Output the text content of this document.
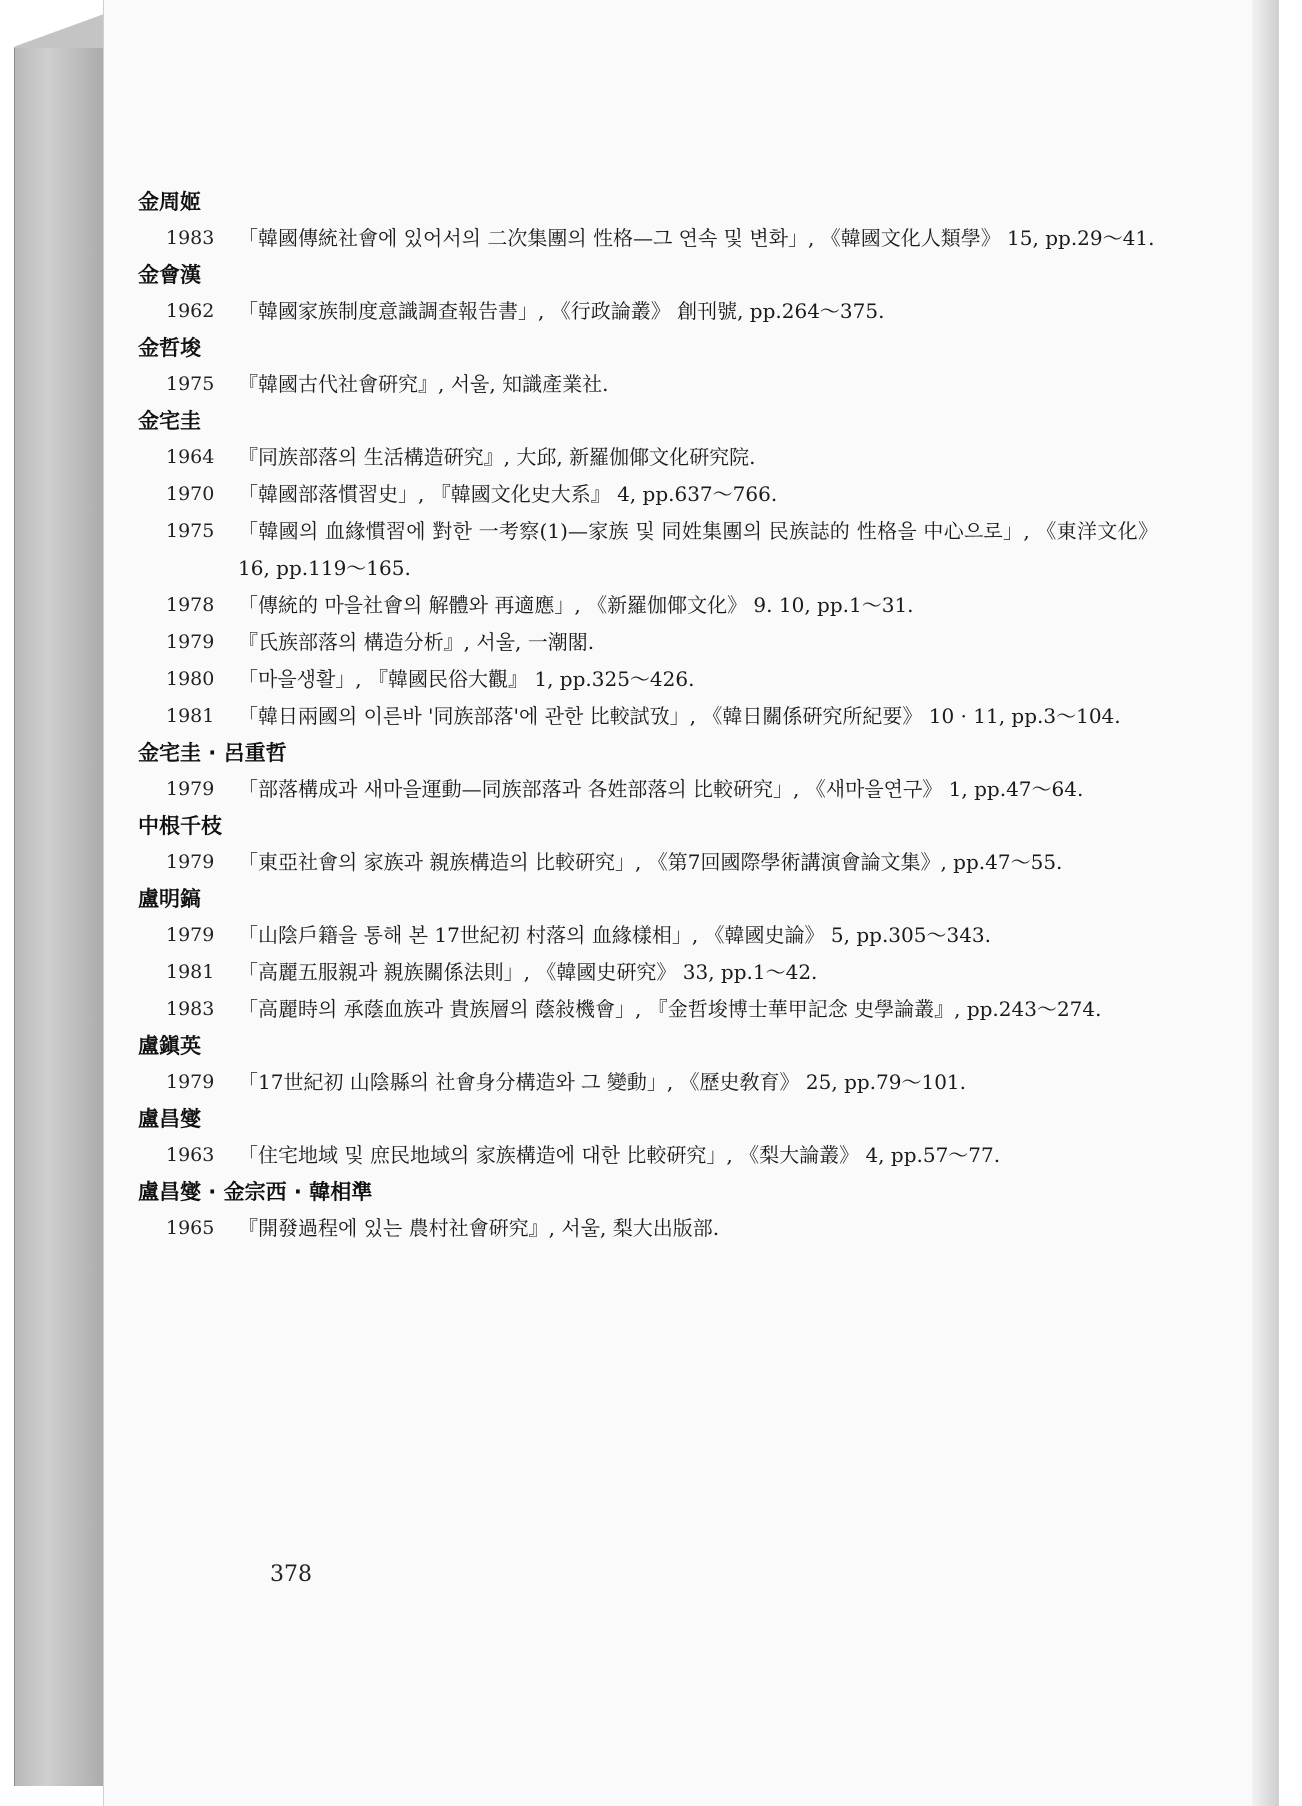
金周姬
1983	「韓國傳統社會에 있어서의 二次集團의 性格—그 연속 및 변화」, 《韓國文化人類學》 15, pp.29～41.
金會漢
1962	「韓國家族制度意識調查報告書」, 《行政論叢》 創刊號, pp.264～375.
金哲埈
1975	『韓國古代社會硏究』, 서울, 知識產業社.
金宅圭
1964	『同族部落의 生活構造硏究』, 大邱, 新羅伽倻文化硏究院.
1970	「韓國部落慣習史」, 『韓國文化史大系』 4, pp.637～766.
1975	「韓國의 血緣慣習에 對한 一考察(1)—家族 및 同姓集團의 民族誌的 性格을 中心으로」, 《東洋文化》 16, pp.119～165.
1978	「傳統的 마을社會의 解體와 再適應」, 《新羅伽倻文化》 9. 10, pp.1～31.
1979	『氏族部落의 構造分析』, 서울, 一潮閣.
1980	「마을생활」, 『韓國民俗大觀』 1, pp.325～426.
1981	「韓日兩國의 이른바 '同族部落'에 관한 比較試攷」, 《韓日關係硏究所紀要》 10 · 11, pp.3～104.
金宅圭 · 呂重哲
1979	「部落構成과 새마을運動—同族部落과 各姓部落의 比較硏究」, 《새마을연구》 1, pp.47～64.
中根千枝
1979	「東亞社會의 家族과 親族構造의 比較硏究」, 《第7回國際學術講演會論文集》, pp.47～55.
盧明鎬
1979	「山陰戶籍을 통해 본 17世紀初 村落의 血緣樣相」, 《韓國史論》 5, pp.305～343.
1981	「高麗五服親과 親族關係法則」, 《韓國史硏究》 33, pp.1～42.
1983	「高麗時의 承蔭血族과 貴族層의 蔭敍機會」, 『金哲埈博士華甲記念 史學論叢』, pp.243～274.
盧鎭英
1979	「17世紀初 山陰縣의 社會身分構造와 그 變動」, 《歷史敎育》 25, pp.79～101.
盧昌燮
1963	「住宅地域 및 庶民地域의 家族構造에 대한 比較硏究」, 《梨大論叢》 4, pp.57～77.
盧昌燮 · 金宗西 · 韓相準
1965	『開發過程에 있는 農村社會硏究』, 서울, 梨大出版部.
378
